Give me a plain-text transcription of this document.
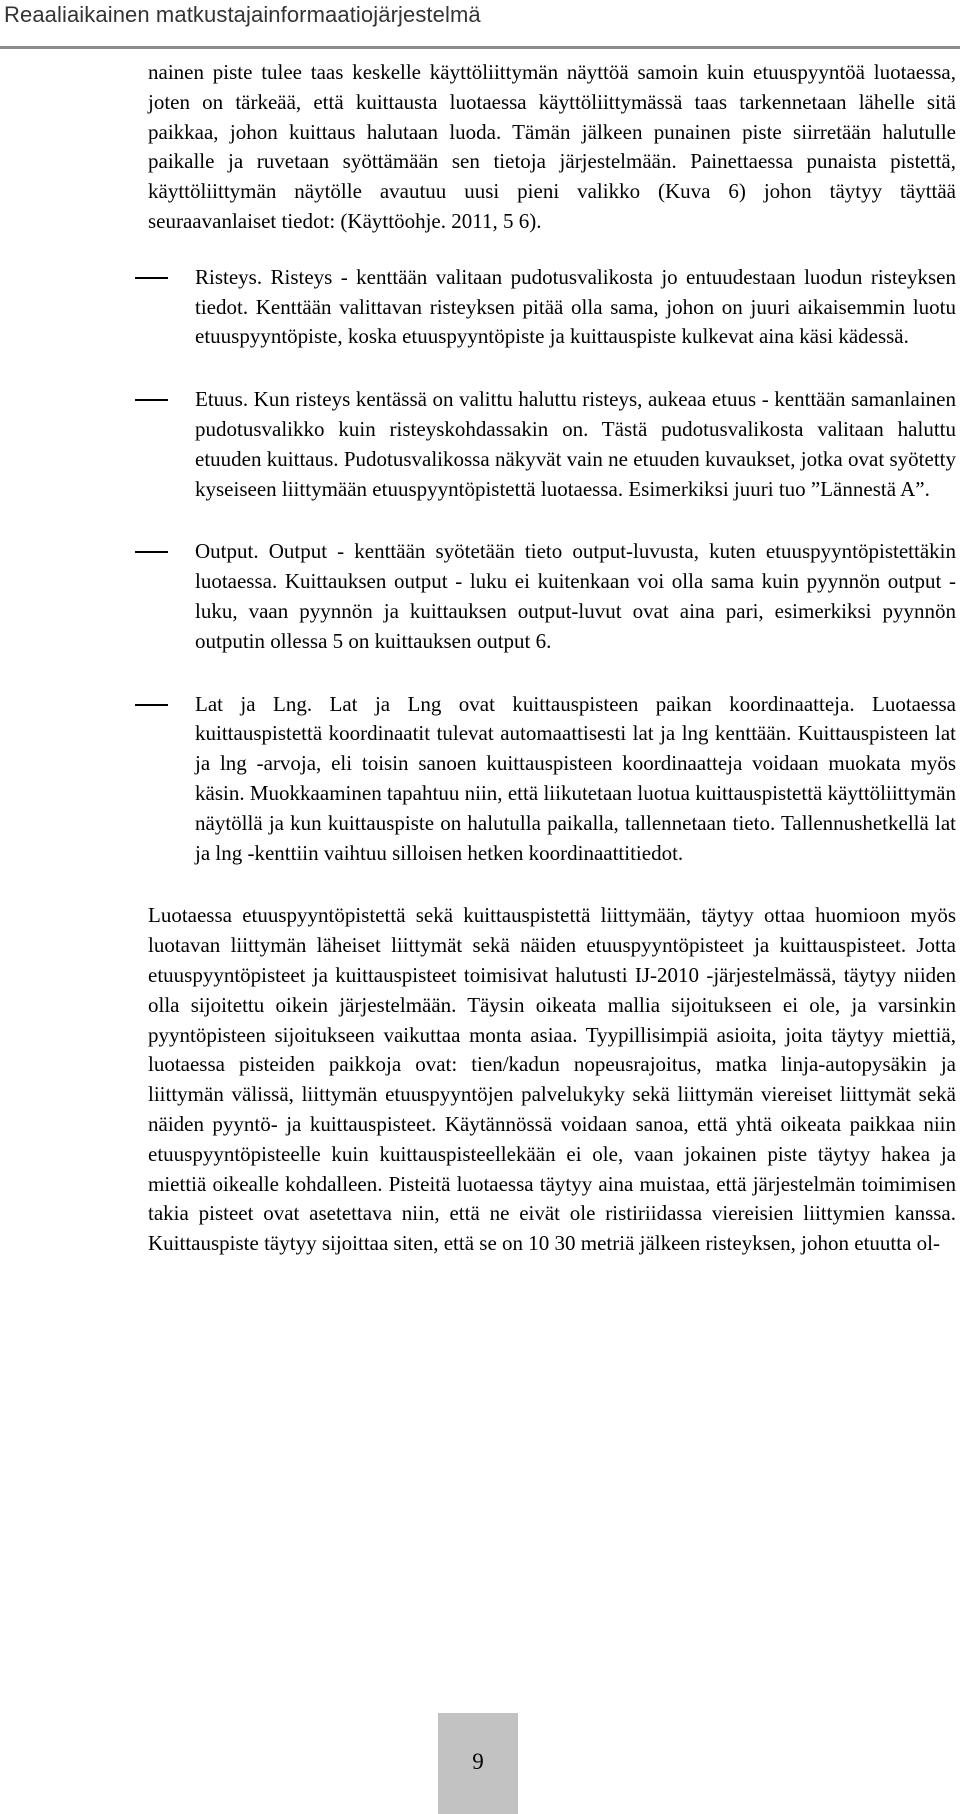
Reaaliaikainen matkustajainformaatiojärjestelmä

nainen piste tulee taas keskelle käyttöliittymän näyttöä samoin kuin etuuspyyntöä luotaessa, joten on tärkeää, että kuittausta luotaessa käyttöliittymässä taas tarkennetaan lähelle sitä paikkaa, johon kuittaus halutaan luoda. Tämän jälkeen punainen piste siirretään halutulle paikalle ja ruvetaan syöttämään sen tietoja järjestelmään. Painettaessa punaista pistettä, käyttöliittymän näytölle avautuu uusi pieni valikko (Kuva 6) johon täytyy täyttää seuraavanlaiset tiedot: (Käyttöohje. 2011, 5 6).

Risteys. Risteys - kenttään valitaan pudotusvalikosta jo entuudestaan luodun risteyksen tiedot. Kenttään valittavan risteyksen pitää olla sama, johon on juuri aikaisemmin luotu etuuspyyntöpiste, koska etuuspyyntöpiste ja kuittauspiste kulkevat aina käsi kädessä.
Etuus. Kun risteys kentässä on valittu haluttu risteys, aukeaa etuus - kenttään samanlainen pudotusvalikko kuin risteyskohdassakin on. Tästä pudotusvalikosta valitaan haluttu etuuden kuittaus. Pudotusvalikossa näkyvät vain ne etuuden kuvaukset, jotka ovat syötetty kyseiseen liittymään etuuspyyntöpistettä luotaessa. Esimerkiksi juuri tuo ”Lännestä A”.
Output. Output - kenttään syötetään tieto output-luvusta, kuten etuuspyyntöpistettäkin luotaessa. Kuittauksen output - luku ei kuitenkaan voi olla sama kuin pyynnön output - luku, vaan pyynnön ja kuittauksen output-luvut ovat aina pari, esimerkiksi pyynnön outputin ollessa 5 on kuittauksen output 6.
Lat ja Lng. Lat ja Lng ovat kuittauspisteen paikan koordinaatteja. Luotaessa kuittauspistettä koordinaatit tulevat automaattisesti lat ja lng kenttään. Kuittauspisteen lat ja lng -arvoja, eli toisin sanoen kuittauspisteen koordinaatteja voidaan muokata myös käsin. Muokkaaminen tapahtuu niin, että liikutetaan luotua kuittauspistettä käyttöliittymän näytöllä ja kun kuittauspiste on halutulla paikalla, tallennetaan tieto. Tallennushetkellä lat ja lng -kenttiin vaihtuu silloisen hetken koordinaattitiedot.

Luotaessa etuuspyyntöpistettä sekä kuittauspistettä liittymään, täytyy ottaa huomioon myös luotavan liittymän läheiset liittymät sekä näiden etuuspyyntöpisteet ja kuittauspisteet. Jotta etuuspyyntöpisteet ja kuittauspisteet toimisivat halutusti IJ-2010 -järjestelmässä, täytyy niiden olla sijoitettu oikein järjestelmään. Täysin oikeata mallia sijoitukseen ei ole, ja varsinkin pyyntöpisteen sijoitukseen vaikuttaa monta asiaa. Tyypillisimpiä asioita, joita täytyy miettiä, luotaessa pisteiden paikkoja ovat: tien/kadun nopeusrajoitus, matka linja-autopysäkin ja liittymän välissä, liittymän etuuspyyntöjen palvelukyky sekä liittymän viereiset liittymät sekä näiden pyyntö- ja kuittauspisteet. Käytännössä voidaan sanoa, että yhtä oikeata paikkaa niin etuuspyyntöpisteelle kuin kuittauspisteellekään ei ole, vaan jokainen piste täytyy hakea ja miettiä oikealle kohdalleen. Pisteitä luotaessa täytyy aina muistaa, että järjestelmän toimimisen takia pisteet ovat asetettava niin, että ne eivät ole ristiriidassa viereisien liittymien kanssa. Kuittauspiste täytyy sijoittaa siten, että se on 10 30 metriä jälkeen risteyksen, johon etuutta ol-

9
